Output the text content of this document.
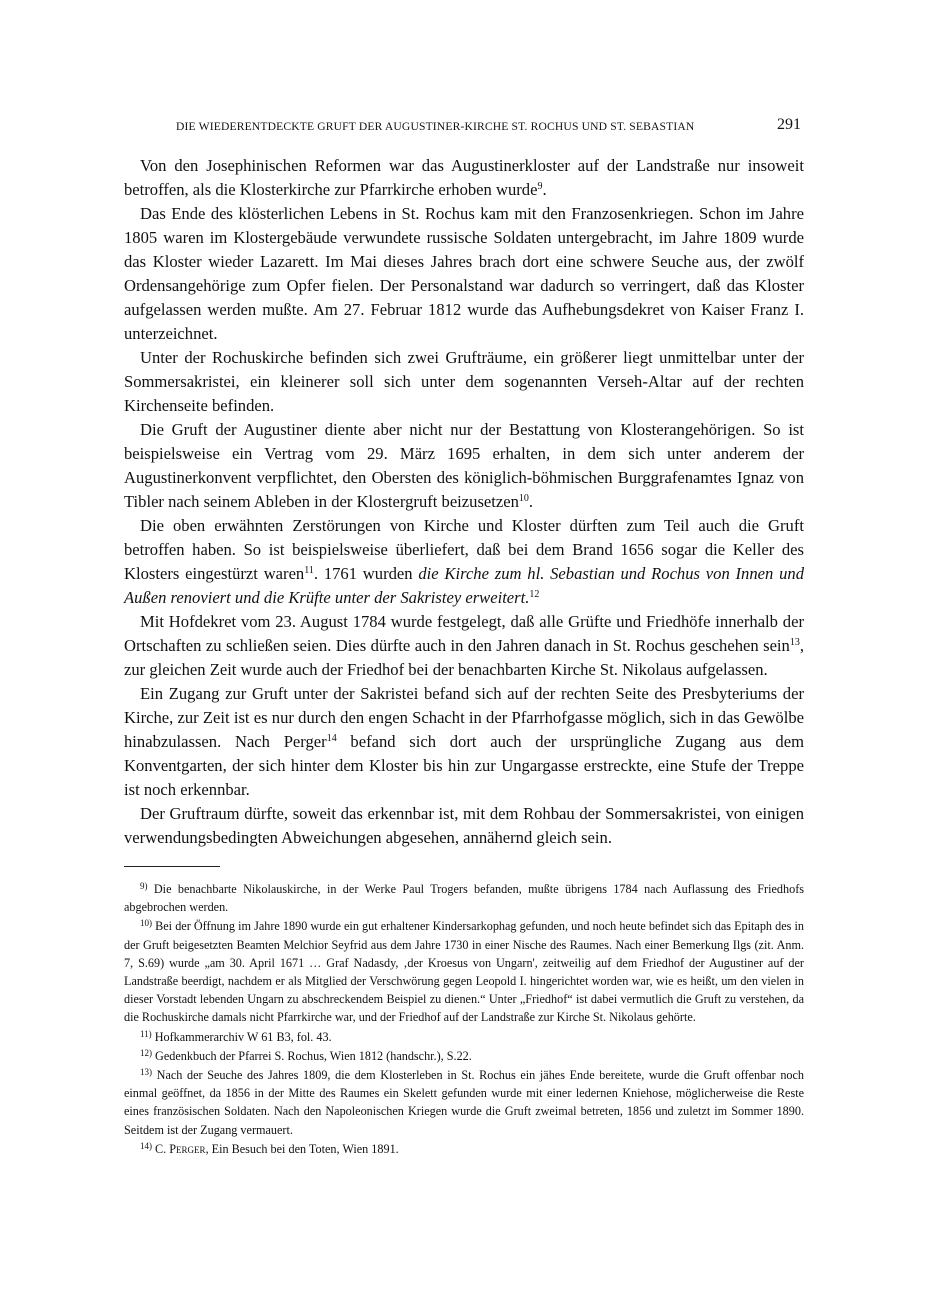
DIE WIEDERENTDECKTE GRUFT DER AUGUSTINER-KIRCHE ST. ROCHUS UND ST. SEBASTIAN	291

Von den Josephinischen Reformen war das Augustinerkloster auf der Landstraße nur insoweit betroffen, als die Klosterkirche zur Pfarrkirche erhoben wurde$^9$.

Das Ende des klösterlichen Lebens in St. Rochus kam mit den Franzosenkriegen. Schon im Jahre 1805 waren im Klostergebäude verwundete russische Soldaten untergebracht, im Jahre 1809 wurde das Kloster wieder Lazarett. Im Mai dieses Jahres brach dort eine schwere Seuche aus, der zwölf Ordensangehörige zum Opfer fielen. Der Personalstand war dadurch so verringert, daß das Kloster aufgelassen werden mußte. Am 27. Februar 1812 wurde das Aufhebungsdekret von Kaiser Franz I. unterzeichnet.

Unter der Rochuskirche befinden sich zwei Grufträume, ein größerer liegt unmittelbar unter der Sommersakristei, ein kleinerer soll sich unter dem sogenannten Verseh-Altar auf der rechten Kirchenseite befinden.

Die Gruft der Augustiner diente aber nicht nur der Bestattung von Klosterangehörigen. So ist beispielsweise ein Vertrag vom 29. März 1695 erhalten, in dem sich unter anderem der Augustinerkonvent verpflichtet, den Obersten des königlich-böhmischen Burggrafenamtes Ignaz von Tibler nach seinem Ableben in der Klostergruft beizusetzen$^{10}$.

Die oben erwähnten Zerstörungen von Kirche und Kloster dürften zum Teil auch die Gruft betroffen haben. So ist beispielsweise überliefert, daß bei dem Brand 1656 sogar die Keller des Klosters eingestürzt waren$^{11}$. 1761 wurden die Kirche zum hl. Sebastian und Rochus von Innen und Außen renoviert und die Krüfte unter der Sakristey erweitert.$^{12}$

Mit Hofdekret vom 23. August 1784 wurde festgelegt, daß alle Grüfte und Friedhöfe innerhalb der Ortschaften zu schließen seien. Dies dürfte auch in den Jahren danach in St. Rochus geschehen sein$^{13}$, zur gleichen Zeit wurde auch der Friedhof bei der benachbarten Kirche St. Nikolaus aufgelassen.

Ein Zugang zur Gruft unter der Sakristei befand sich auf der rechten Seite des Presbyteriums der Kirche, zur Zeit ist es nur durch den engen Schacht in der Pfarrhofgasse möglich, sich in das Gewölbe hinabzulassen. Nach Perger$^{14}$ befand sich dort auch der ursprüngliche Zugang aus dem Konventgarten, der sich hinter dem Kloster bis hin zur Ungargasse erstreckte, eine Stufe der Treppe ist noch erkennbar.

Der Gruftraum dürfte, soweit das erkennbar ist, mit dem Rohbau der Sommersakristei, von einigen verwendungsbedingten Abweichungen abgesehen, annähernd gleich sein.

$^{9)}$ Die benachbarte Nikolauskirche, in der Werke Paul Trogers befanden, mußte übrigens 1784 nach Auflassung des Friedhofs abgebrochen werden.

$^{10)}$ Bei der Öffnung im Jahre 1890 wurde ein gut erhaltener Kindersarkophag gefunden, und noch heute befindet sich das Epitaph des in der Gruft beigesetzten Beamten Melchior Seyfrid aus dem Jahre 1730 in einer Nische des Raumes. Nach einer Bemerkung Ilgs (zit. Anm. 7, S.69) wurde „am 30. April 1671 … Graf Nadasdy, ‚der Kroesus von Ungarn', zeitweilig auf dem Friedhof der Augustiner auf der Landstraße beerdigt, nachdem er als Mitglied der Verschwörung gegen Leopold I. hingerichtet worden war, wie es heißt, um den vielen in dieser Vorstadt lebenden Ungarn zu abschreckendem Beispiel zu dienen.“ Unter „Friedhof“ ist dabei vermutlich die Gruft zu verstehen, da die Rochuskirche damals nicht Pfarrkirche war, und der Friedhof auf der Landstraße zur Kirche St. Nikolaus gehörte.

$^{11)}$ Hofkammerarchiv W 61 B3, fol. 43.

$^{12)}$ Gedenkbuch der Pfarrei S. Rochus, Wien 1812 (handschr.), S.22.

$^{13)}$ Nach der Seuche des Jahres 1809, die dem Klosterleben in St. Rochus ein jähes Ende bereitete, wurde die Gruft offenbar noch einmal geöffnet, da 1856 in der Mitte des Raumes ein Skelett gefunden wurde mit einer ledernen Kniehose, möglicherweise die Reste eines französischen Soldaten. Nach den Napoleonischen Kriegen wurde die Gruft zweimal betreten, 1856 und zuletzt im Sommer 1890. Seitdem ist der Zugang vermauert.

$^{14)}$ C. Perger, Ein Besuch bei den Toten, Wien 1891.
